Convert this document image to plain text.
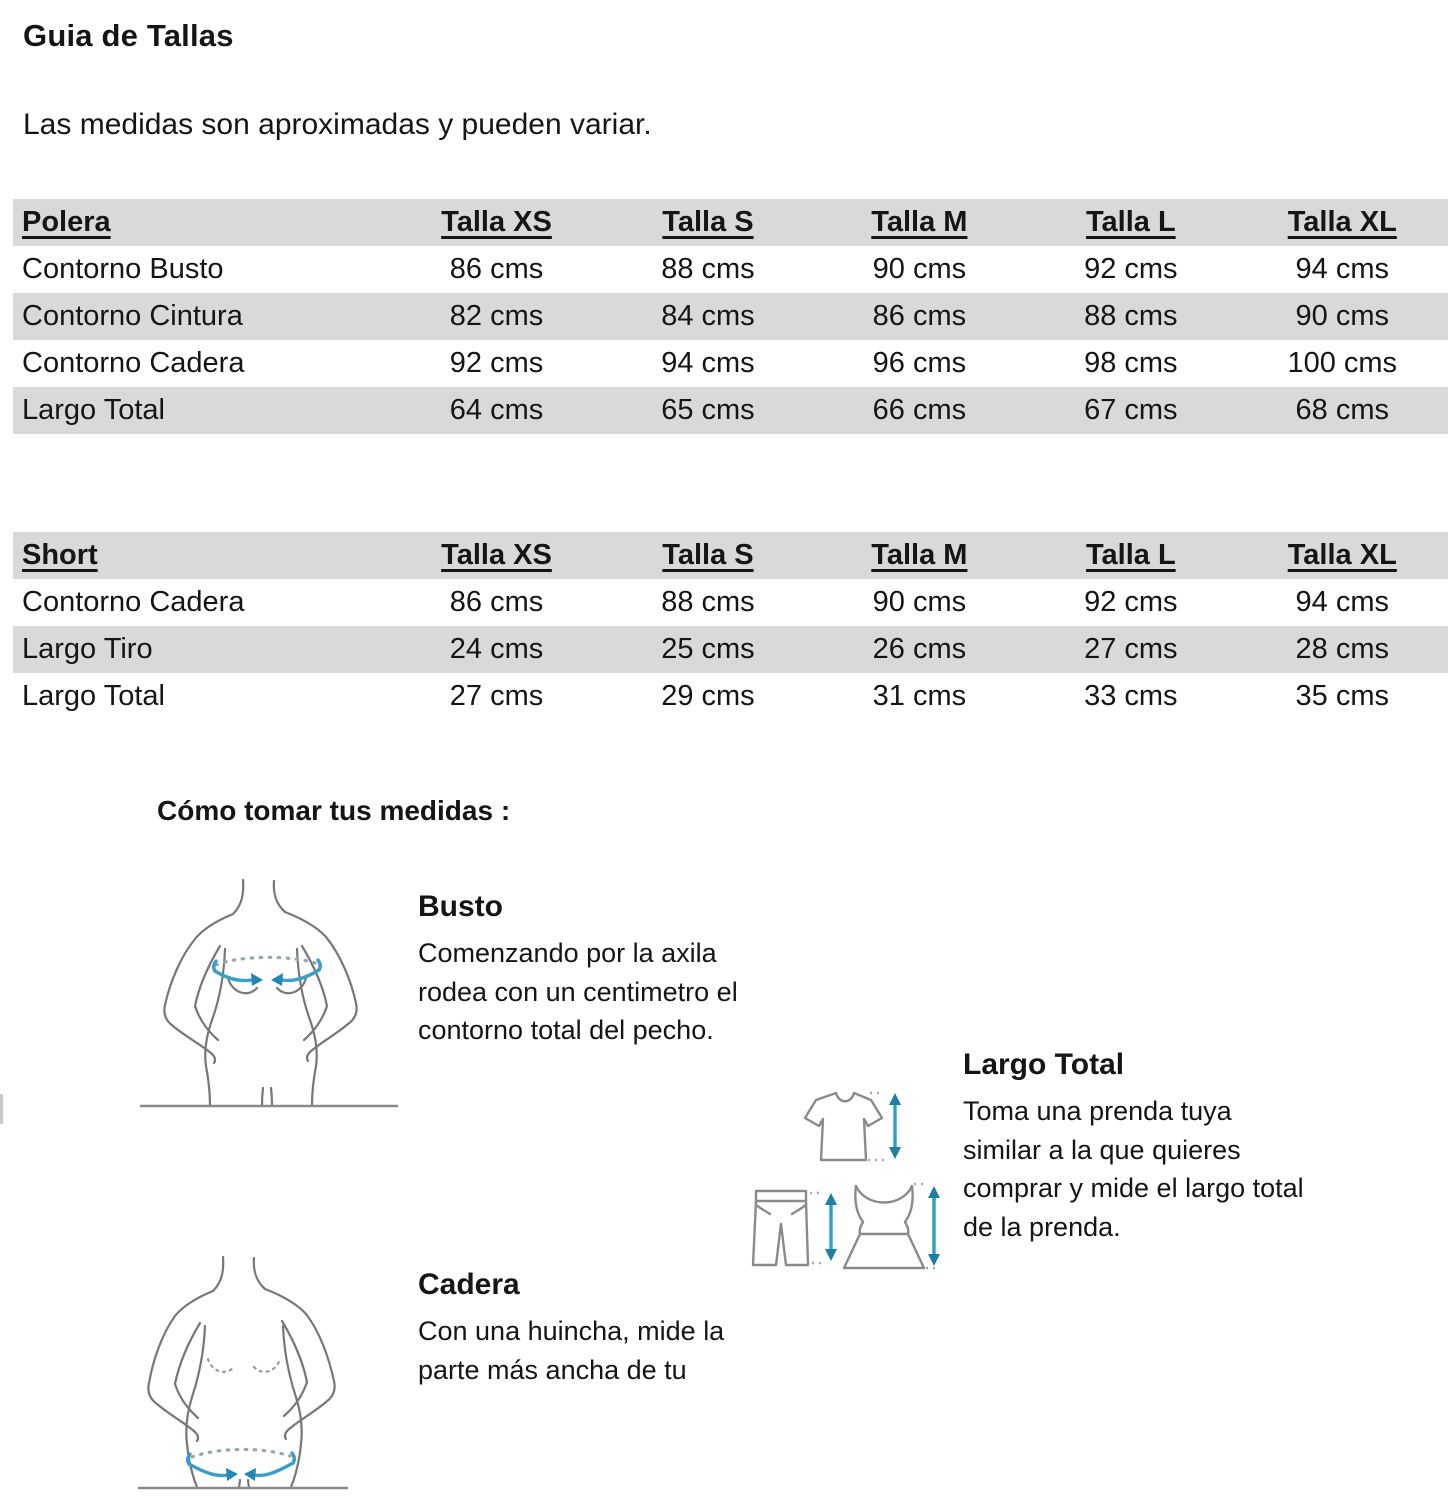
Guia de Tallas
Las medidas son aproximadas y pueden variar.
Polera	Talla XS	Talla S	Talla M	Talla L	Talla XL
Contorno Busto	86 cms	88 cms	90 cms	92 cms	94 cms
Contorno Cintura	82 cms	84 cms	86 cms	88 cms	90 cms
Contorno Cadera	92 cms	94 cms	96 cms	98 cms	100 cms
Largo Total	64 cms	65 cms	66 cms	67 cms	68 cms
Short	Talla XS	Talla S	Talla M	Talla L	Talla XL
Contorno Cadera	86 cms	88 cms	90 cms	92 cms	94 cms
Largo Tiro	24 cms	25 cms	26 cms	27 cms	28 cms
Largo Total	27 cms	29 cms	31 cms	33 cms	35 cms
Cómo tomar tus medidas :
Busto
Comenzando por la axila
rodea con un centimetro el
contorno total del pecho.
Largo Total
Toma una prenda tuya
similar a la que quieres
comprar y mide el largo total
de la prenda.
Cadera
Con una huincha, mide la
parte más ancha de tu
